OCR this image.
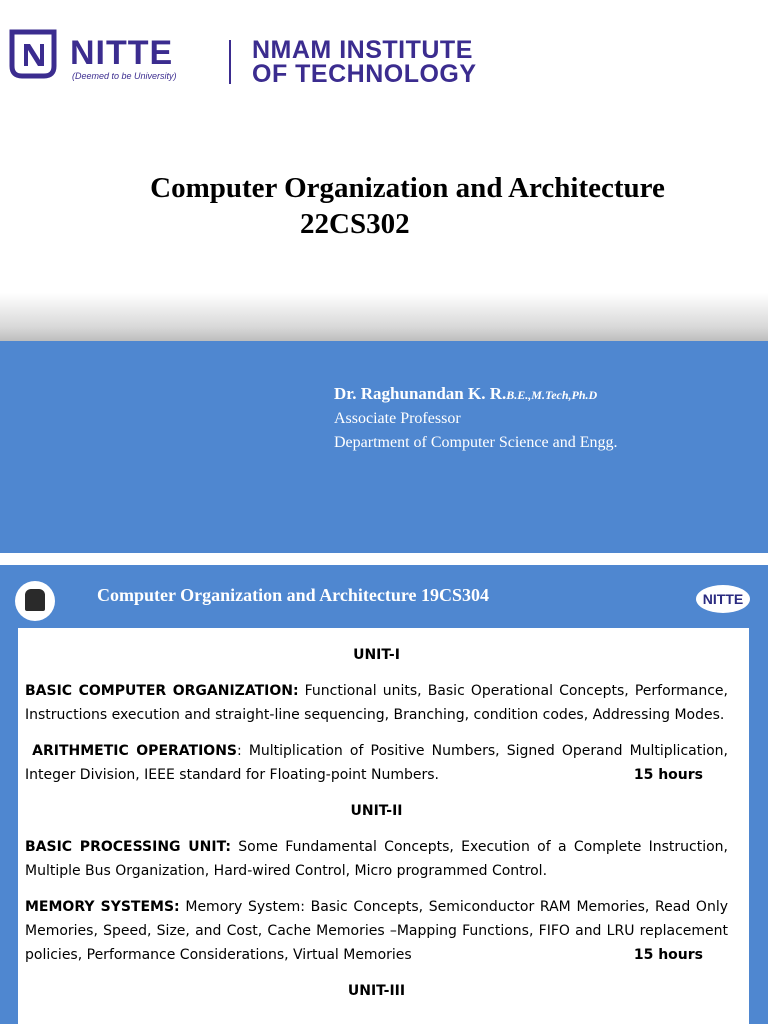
NITTE
(Deemed to be University)
NMAM INSTITUTE
OF TECHNOLOGY
Computer Organization and Architecture
22CS302
Dr. Raghunandan K. R.B.E.,M.Tech,Ph.D
Associate Professor
Department of Computer Science and Engg.
Computer Organization and Architecture 19CS304	NITTE

UNIT-I

BASIC COMPUTER ORGANIZATION: Functional units, Basic Operational Concepts, Performance, Instructions execution and straight-line sequencing, Branching, condition codes, Addressing Modes.

ARITHMETIC OPERATIONS: Multiplication of Positive Numbers, Signed Operand Multiplication, Integer Division, IEEE standard for Floating-point Numbers.	15 hours

UNIT-II

BASIC PROCESSING UNIT: Some Fundamental Concepts, Execution of a Complete Instruction, Multiple Bus Organization, Hard-wired Control, Micro programmed Control.

MEMORY SYSTEMS: Memory System: Basic Concepts, Semiconductor RAM Memories, Read Only Memories, Speed, Size, and Cost, Cache Memories –Mapping Functions, FIFO and LRU replacement policies, Performance Considerations, Virtual Memories	15 hours

UNIT-III
